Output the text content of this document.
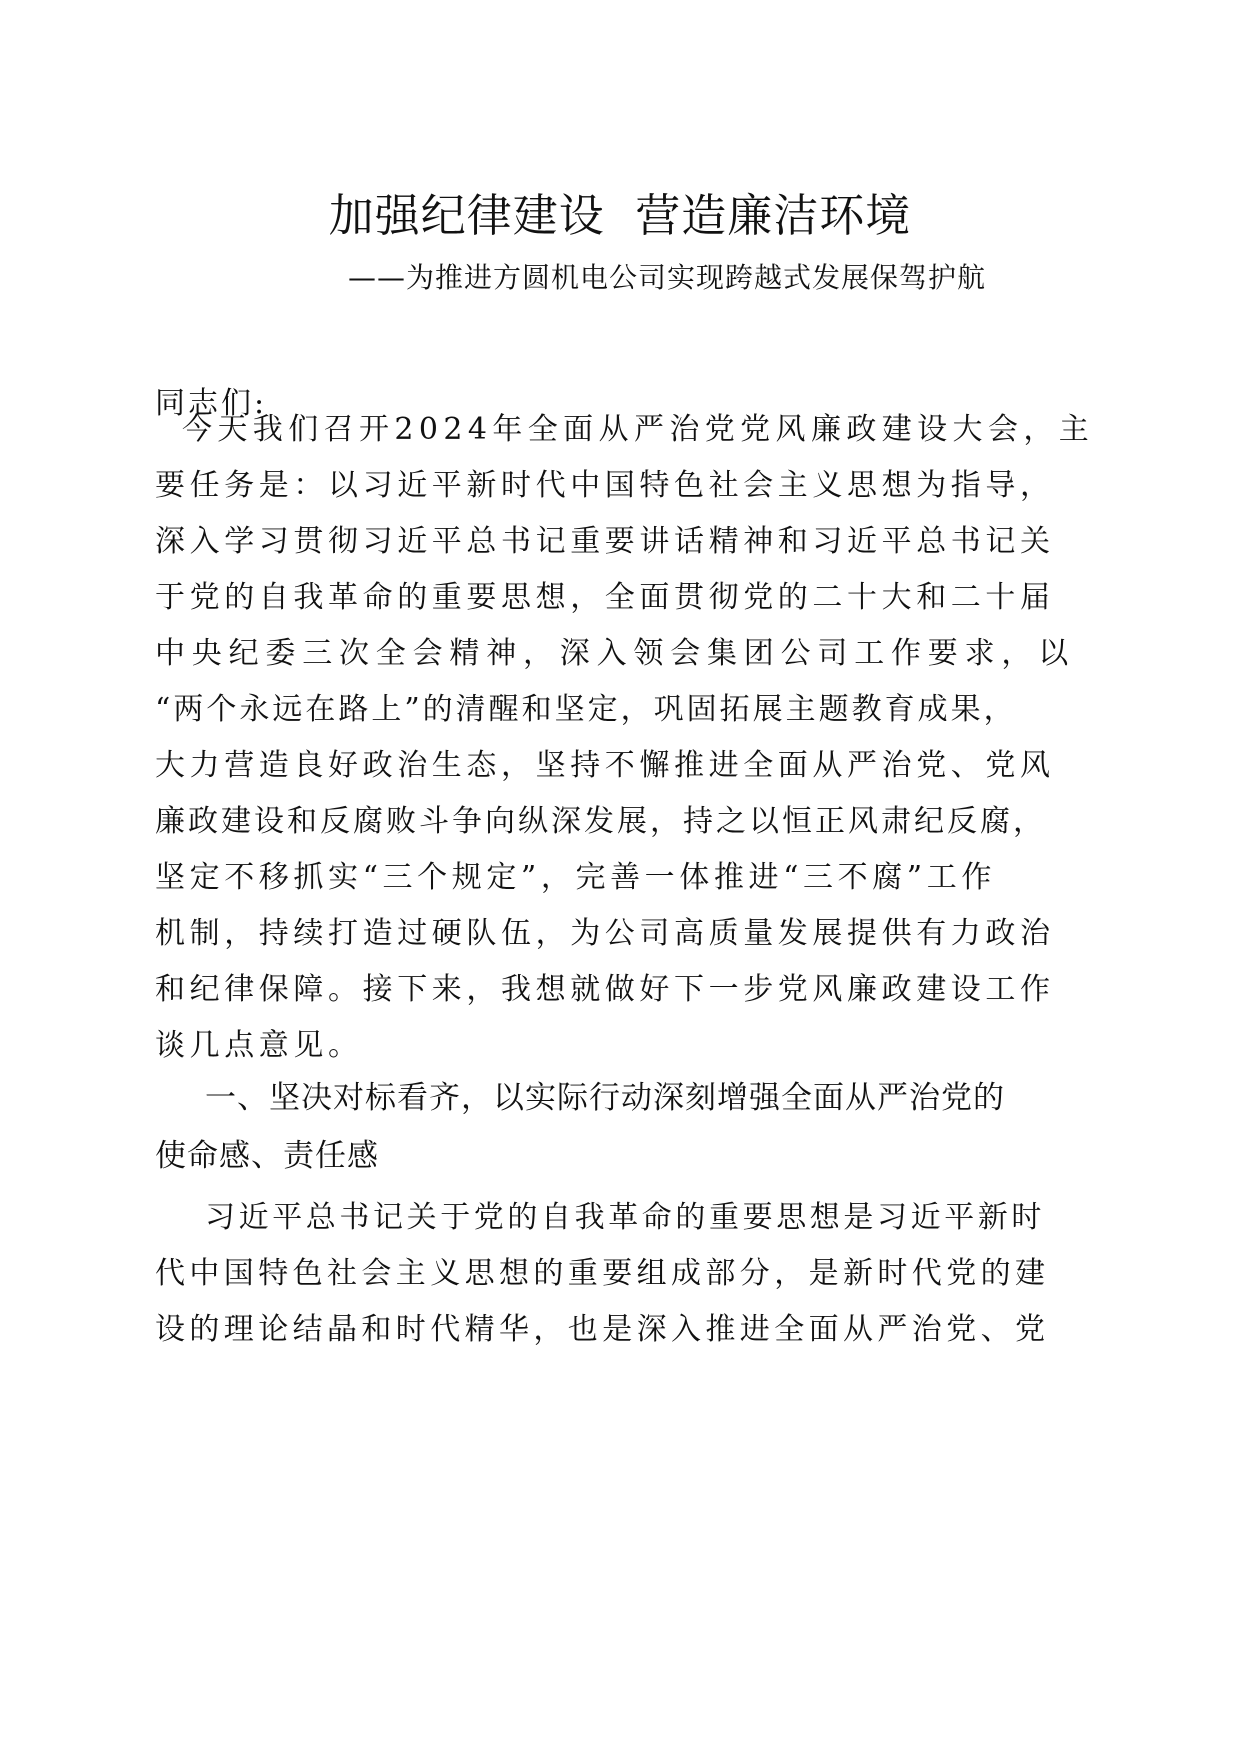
加强纪律建设  营造廉洁环境
——为推进方圆机电公司实现跨越式发展保驾护航
同志们:
今天我们召开2024年全面从严治党党风廉政建设大会，主
要任务是：以习近平新时代中国特色社会主义思想为指导，
深入学习贯彻习近平总书记重要讲话精神和习近平总书记关
于党的自我革命的重要思想，全面贯彻党的二十大和二十届
中央纪委三次全会精神，深入领会集团公司工作要求，以
“两个永远在路上”的清醒和坚定，巩固拓展主题教育成果，
大力营造良好政治生态，坚持不懈推进全面从严治党、党风
廉政建设和反腐败斗争向纵深发展，持之以恒正风肃纪反腐，
坚定不移抓实“三个规定”，完善一体推进“三不腐”工作
机制，持续打造过硬队伍，为公司高质量发展提供有力政治
和纪律保障。接下来，我想就做好下一步党风廉政建设工作
谈几点意见。
一、坚决对标看齐，以实际行动深刻增强全面从严治党的
使命感、责任感
习近平总书记关于党的自我革命的重要思想是习近平新时
代中国特色社会主义思想的重要组成部分，是新时代党的建
设的理论结晶和时代精华，也是深入推进全面从严治党、党
